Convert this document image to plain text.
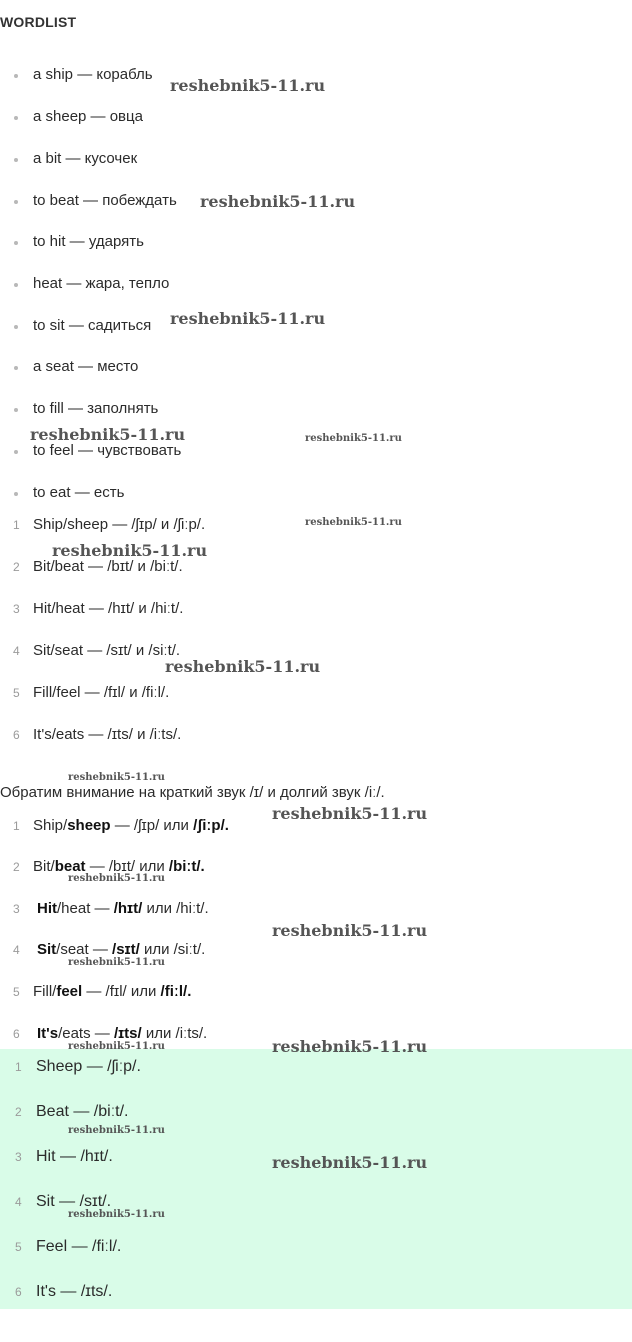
WORDLIST
a ship — корабль
a sheep — овца
a bit — кусочек
to beat — побеждать
to hit — ударять
heat — жара, тепло
to sit — садиться
a seat — место
to fill — заполнять
to feel — чувствовать
to eat — есть
1 Ship/sheep — /ʃɪp/ и /ʃiːp/.
2 Bit/beat — /bɪt/ и /biːt/.
3 Hit/heat — /hɪt/ и /hiːt/.
4 Sit/seat — /sɪt/ и /siːt/.
5 Fill/feel — /fɪl/ и /fiːl/.
6 It's/eats — /ɪts/ и /iːts/.
Обратим внимание на краткий звук /ɪ/ и долгий звук /iː/.
1 Ship/sheep — /ʃɪp/ или /ʃiːp/.
2 Bit/beat — /bɪt/ или /biːt/.
3 Hit/heat — /hɪt/ или /hiːt/.
4 Sit/seat — /sɪt/ или /siːt/.
5 Fill/feel — /fɪl/ или /fiːl/.
6 It's/eats — /ɪts/ или /iːts/.
1 Sheep — /ʃiːp/.
2 Beat — /biːt/.
3 Hit — /hɪt/.
4 Sit — /sɪt/.
5 Feel — /fiːl/.
6 It's — /ɪts/.
reshebnik5-11.ru
reshebnik5-11.ru
reshebnik5-11.ru
reshebnik5-11.ru	reshebnik5-11.ru
reshebnik5-11.ru
reshebnik5-11.ru
reshebnik5-11.ru
reshebnik5-11.ru
reshebnik5-11.ru
reshebnik5-11.ru
reshebnik5-11.ru
reshebnik5-11.ru
reshebnik5-11.ru	reshebnik5-11.ru
reshebnik5-11.ru
reshebnik5-11.ru
reshebnik5-11.ru
